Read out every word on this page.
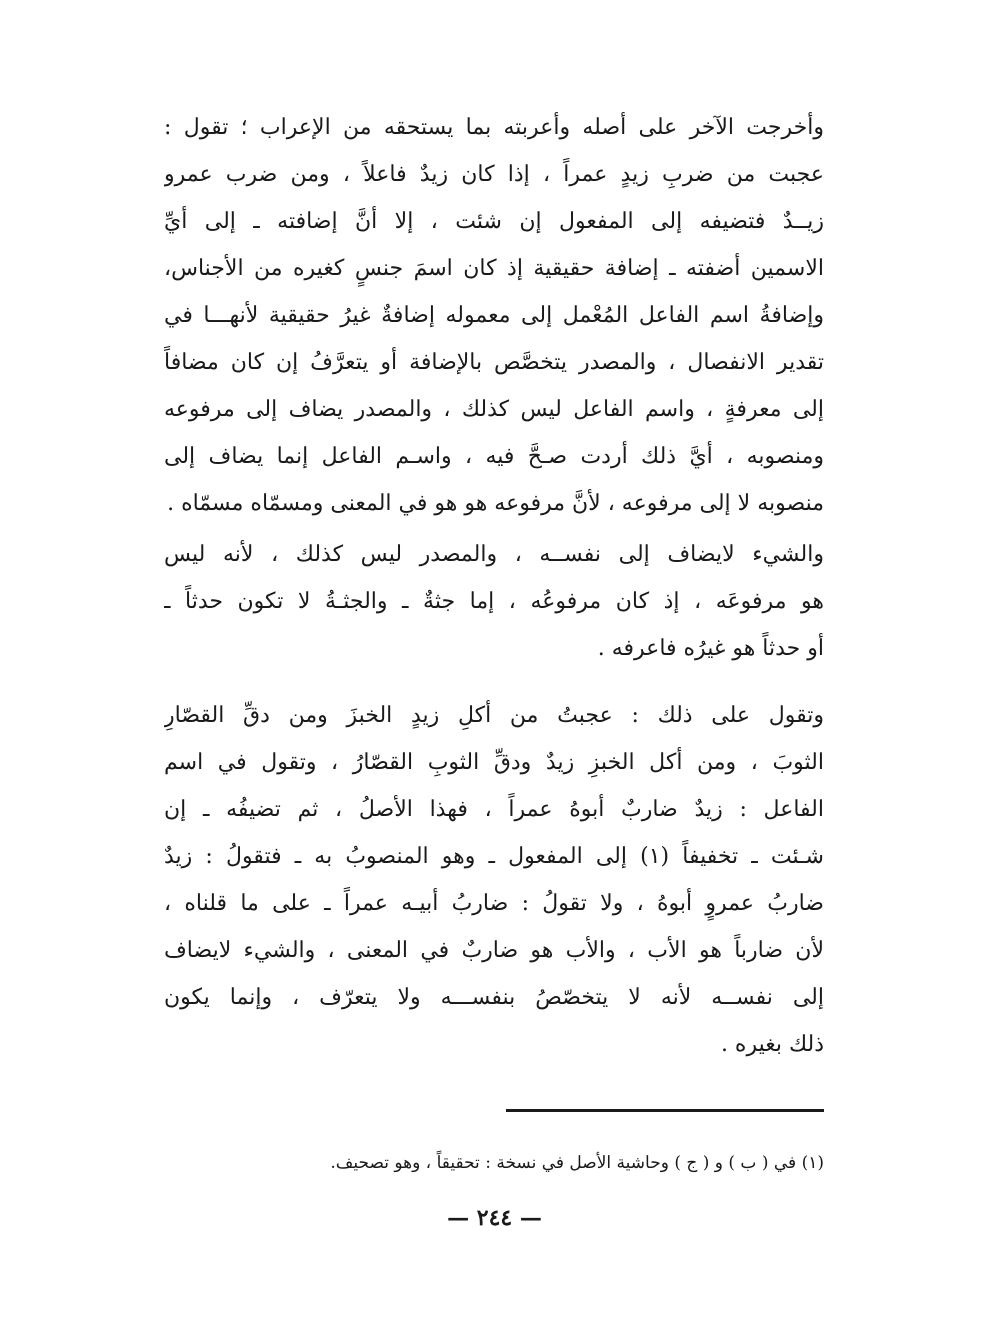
وأخرجت الآخر على أصله وأعربته بما يستحقه من الإعراب ؛ تقول :
عجبت من ضربِ زيدٍ عمراً ، إذا كان زيدٌ فاعلاً ، ومن ضرب عمرو
زيــدٌ فتضيفه إلى المفعول إن شئت ، إلا أنَّ إضافته ـ إلى أيِّ
الاسمين أضفته ـ إضافة حقيقية إذ كان اسمَ جنسٍ كغيره من الأجناس،
وإضافةُ اسم الفاعل المُعْمل إلى معموله إضافةٌ غيرُ حقيقية لأنهـــا في
تقدير الانفصال ، والمصدر يتخصَّص بالإضافة أو يتعرَّفُ إن كان مضافاً
إلى معرفةٍ ، واسم الفاعل ليس كذلك ، والمصدر يضاف إلى مرفوعه
ومنصوبه ، أيَّ ذلك أردت صـحَّ فيه ، واسـم الفاعل إنما يضاف إلى
منصوبه لا إلى مرفوعه ، لأنَّ مرفوعه هو هو في المعنى ومسمّاه مسمّاه .
والشيء لايضاف إلى نفســه ، والمصدر ليس كذلك ، لأنه ليس
هو مرفوعَه ، إذ كان مرفوعُه ، إما جثةٌ ـ والجثـةُ لا تكون حدثاً ـ
أو حدثاً هو غيرُه فاعرفه .
وتقول على ذلك : عجبتُ من أكلِ زيدٍ الخبزَ ومن دقِّ القصّارِ
الثوبَ ، ومن أكل الخبزِ زيدٌ ودقِّ الثوبِ القصّارُ ، وتقول في اسم
الفاعل : زيدٌ ضاربٌ أبوهُ عمراً ، فهذا الأصلُ ، ثم تضيفُه ـ إن
شـئت ـ تخفيفاً (١) إلى المفعول ـ وهو المنصوبُ به ـ فتقولُ : زيدٌ
ضاربُ عمروٍ أبوهُ ، ولا تقولُ : ضاربُ أبيـه عمراً ـ على ما قلناه ،
لأن ضارباً هو الأب ، والأب هو ضاربٌ في المعنى ، والشيء لايضاف
إلى نفســه لأنه لا يتخصّصُ بنفســـه ولا يتعرّف ، وإنما يكون
ذلك بغيره .
(١) في ( ب ) و ( ج ) وحاشية الأصل في نسخة : تحقيقاً ، وهو تصحيف.
— ٢٤٤ —
